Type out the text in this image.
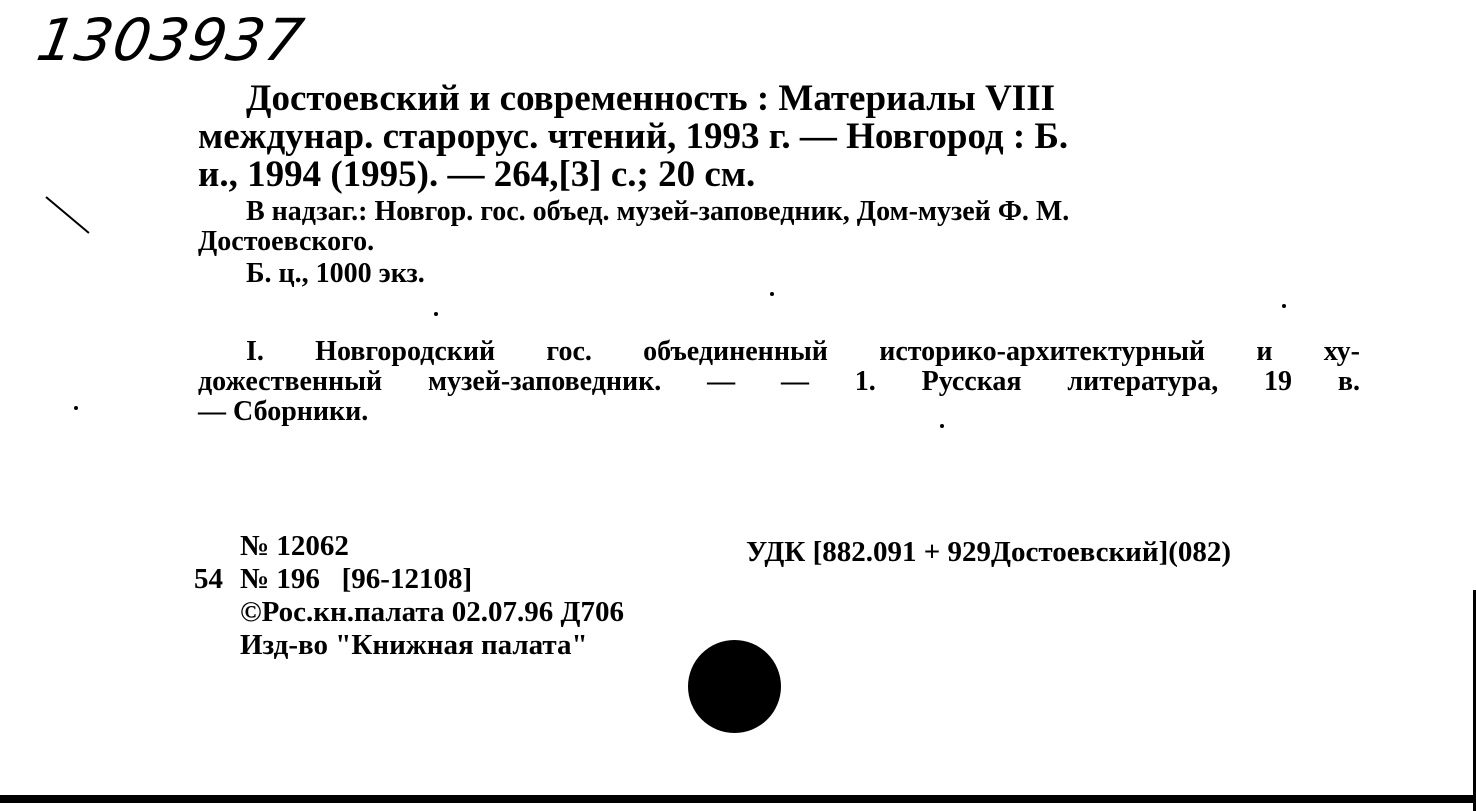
1303937
Достоевский и современность : Материалы VIII
междунар. старорус. чтений, 1993 г. — Новгород : Б.
и., 1994 (1995). — 264,[3] с.; 20 см.
В надзаг.: Новгор. гос. объед. музей-заповедник, Дом-музей Ф. М.
Достоевского.
Б. ц., 1000 экз.
I. Новгородский гос. объединенный историко-архитектурный и ху-
дожественный музей-заповедник. — — 1. Русская литература, 19 в.
— Сборники.
№ 12062
54 № 196   [96-12108]
©Рос.кн.палата 02.07.96 Д706
Изд-во "Книжная палата"
УДК [882.091 + 929Достоевский](082)
